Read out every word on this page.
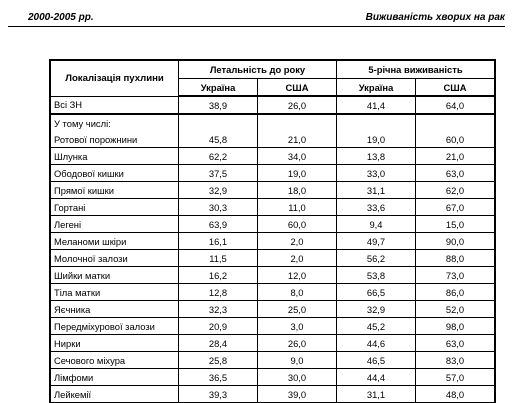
2000-2005 рр.	Виживаність хворих на рак
Локалізація пухлини	Летальність до року		5-річна виживаність	
	Україна	США	Україна	США
Всі ЗН	38,9	26,0	41,4	64,0
У тому числі:				
Ротової порожнини	45,8	21,0	19,0	60,0
Шлунка	62,2	34,0	13,8	21,0
Ободової кишки	37,5	19,0	33,0	63,0
Прямої кишки	32,9	18,0	31,1	62,0
Гортані	30,3	11,0	33,6	67,0
Легені	63,9	60,0	9,4	15,0
Меланоми шкіри	16,1	2,0	49,7	90,0
Молочної залози	11,5	2,0	56,2	88,0
Шийки матки	16,2	12,0	53,8	73,0
Тіла матки	12,8	8,0	66,5	86,0
Яєчника	32,3	25,0	32,9	52,0
Передміхурової залози	20,9	3,0	45,2	98,0
Нирки	28,4	26,0	44,6	63,0
Сечового міхура	25,8	9,0	46,5	83,0
Лімфоми	36,5	30,0	44,4	57,0
Лейкемії	39,3	39,0	31,1	48,0
